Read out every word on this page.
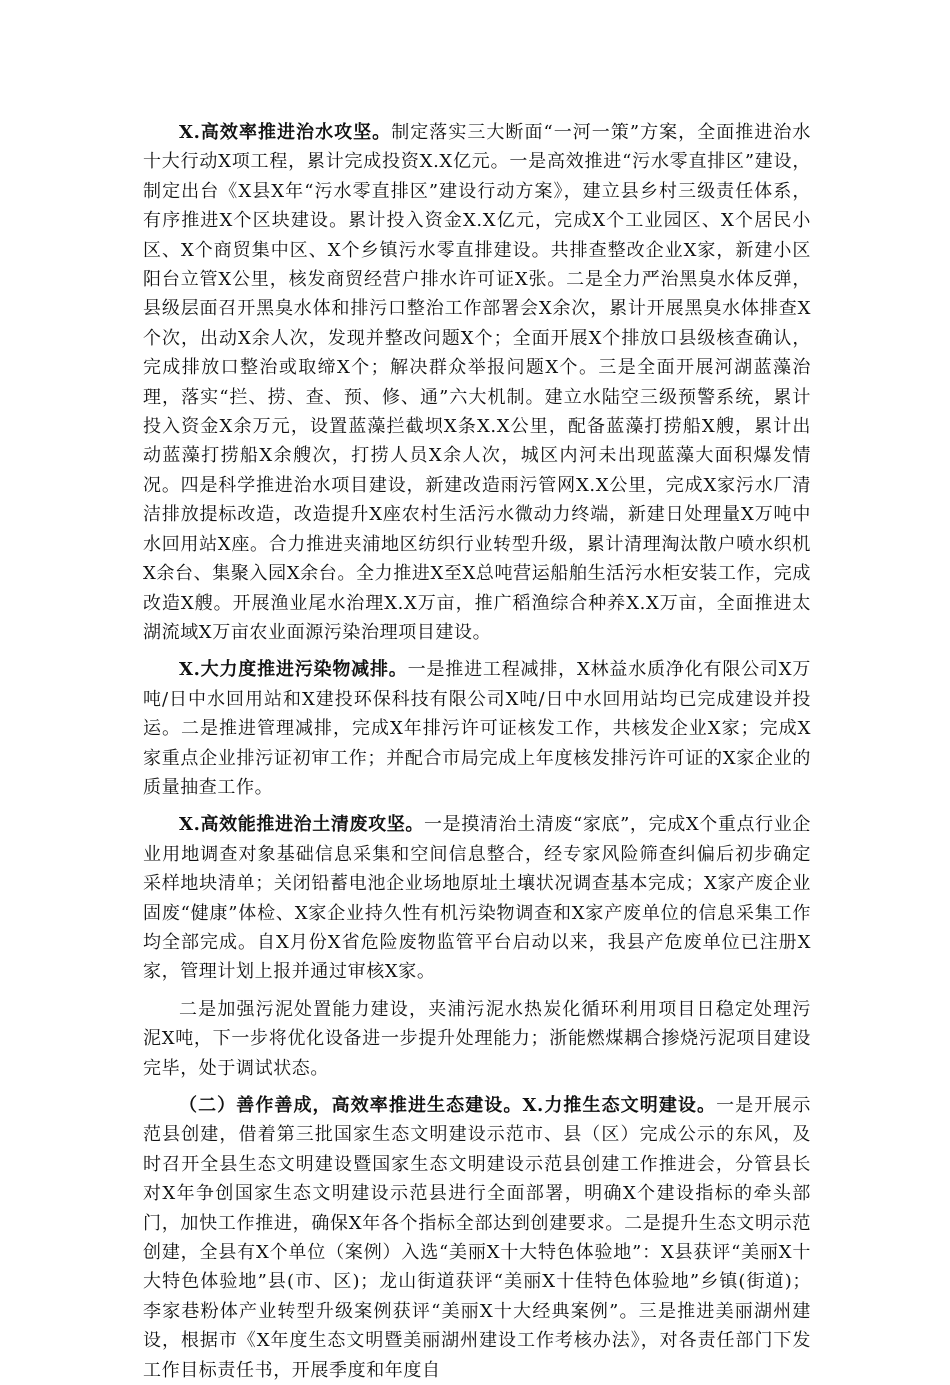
X.高效率推进治水攻坚。制定落实三大断面“一河一策”方案，全面推进治水十大行动X项工程，累计完成投资X.X亿元。一是高效推进“污水零直排区”建设，制定出台《X县X年“污水零直排区”建设行动方案》，建立县乡村三级责任体系，有序推进X个区块建设。累计投入资金X.X亿元，完成X个工业园区、X个居民小区、X个商贸集中区、X个乡镇污水零直排建设。共排查整改企业X家，新建小区阳台立管X公里，核发商贸经营户排水许可证X张。二是全力严治黑臭水体反弹，县级层面召开黑臭水体和排污口整治工作部署会X余次，累计开展黑臭水体排查X个次，出动X余人次，发现并整改问题X个；全面开展X个排放口县级核查确认，完成排放口整治或取缔X个；解决群众举报问题X个。三是全面开展河湖蓝藻治理，落实“拦、捞、查、预、修、通”六大机制。建立水陆空三级预警系统，累计投入资金X余万元，设置蓝藻拦截坝X条X.X公里，配备蓝藻打捞船X艘，累计出动蓝藻打捞船X余艘次，打捞人员X余人次，城区内河未出现蓝藻大面积爆发情况。四是科学推进治水项目建设，新建改造雨污管网X.X公里，完成X家污水厂清洁排放提标改造，改造提升X座农村生活污水微动力终端，新建日处理量X万吨中水回用站X座。合力推进夹浦地区纺织行业转型升级，累计清理淘汰散户喷水织机X余台、集聚入园X余台。全力推进X至X总吨营运船舶生活污水柜安装工作，完成改造X艘。开展渔业尾水治理X.X万亩，推广稻渔综合种养X.X万亩，全面推进太湖流域X万亩农业面源污染治理项目建设。

X.大力度推进污染物减排。一是推进工程减排，X林益水质净化有限公司X万吨/日中水回用站和X建投环保科技有限公司X吨/日中水回用站均已完成建设并投运。二是推进管理减排，完成X年排污许可证核发工作，共核发企业X家；完成X家重点企业排污证初审工作；并配合市局完成上年度核发排污许可证的X家企业的质量抽查工作。

X.高效能推进治土清废攻坚。一是摸清治土清废“家底”，完成X个重点行业企业用地调查对象基础信息采集和空间信息整合，经专家风险筛查纠偏后初步确定采样地块清单；关闭铅蓄电池企业场地原址土壤状况调查基本完成；X家产废企业固废“健康”体检、X家企业持久性有机污染物调查和X家产废单位的信息采集工作均全部完成。自X月份X省危险废物监管平台启动以来，我县产危废单位已注册X家，管理计划上报并通过审核X家。

二是加强污泥处置能力建设，夹浦污泥水热炭化循环利用项目日稳定处理污泥X吨，下一步将优化设备进一步提升处理能力；浙能燃煤耦合掺烧污泥项目建设完毕，处于调试状态。

（二）善作善成，高效率推进生态建设。X.力推生态文明建设。一是开展示范县创建，借着第三批国家生态文明建设示范市、县（区）完成公示的东风，及时召开全县生态文明建设暨国家生态文明建设示范县创建工作推进会，分管县长对X年争创国家生态文明建设示范县进行全面部署，明确X个建设指标的牵头部门，加快工作推进，确保X年各个指标全部达到创建要求。二是提升生态文明示范创建，全县有X个单位（案例）入选“美丽X十大特色体验地”：X县获评“美丽X十大特色体验地”县(市、区)；龙山街道获评“美丽X十佳特色体验地”乡镇(街道)；李家巷粉体产业转型升级案例获评“美丽X十大经典案例”。三是推进美丽湖州建设，根据市《X年度生态文明暨美丽湖州建设工作考核办法》，对各责任部门下发工作目标责任书，开展季度和年度自
